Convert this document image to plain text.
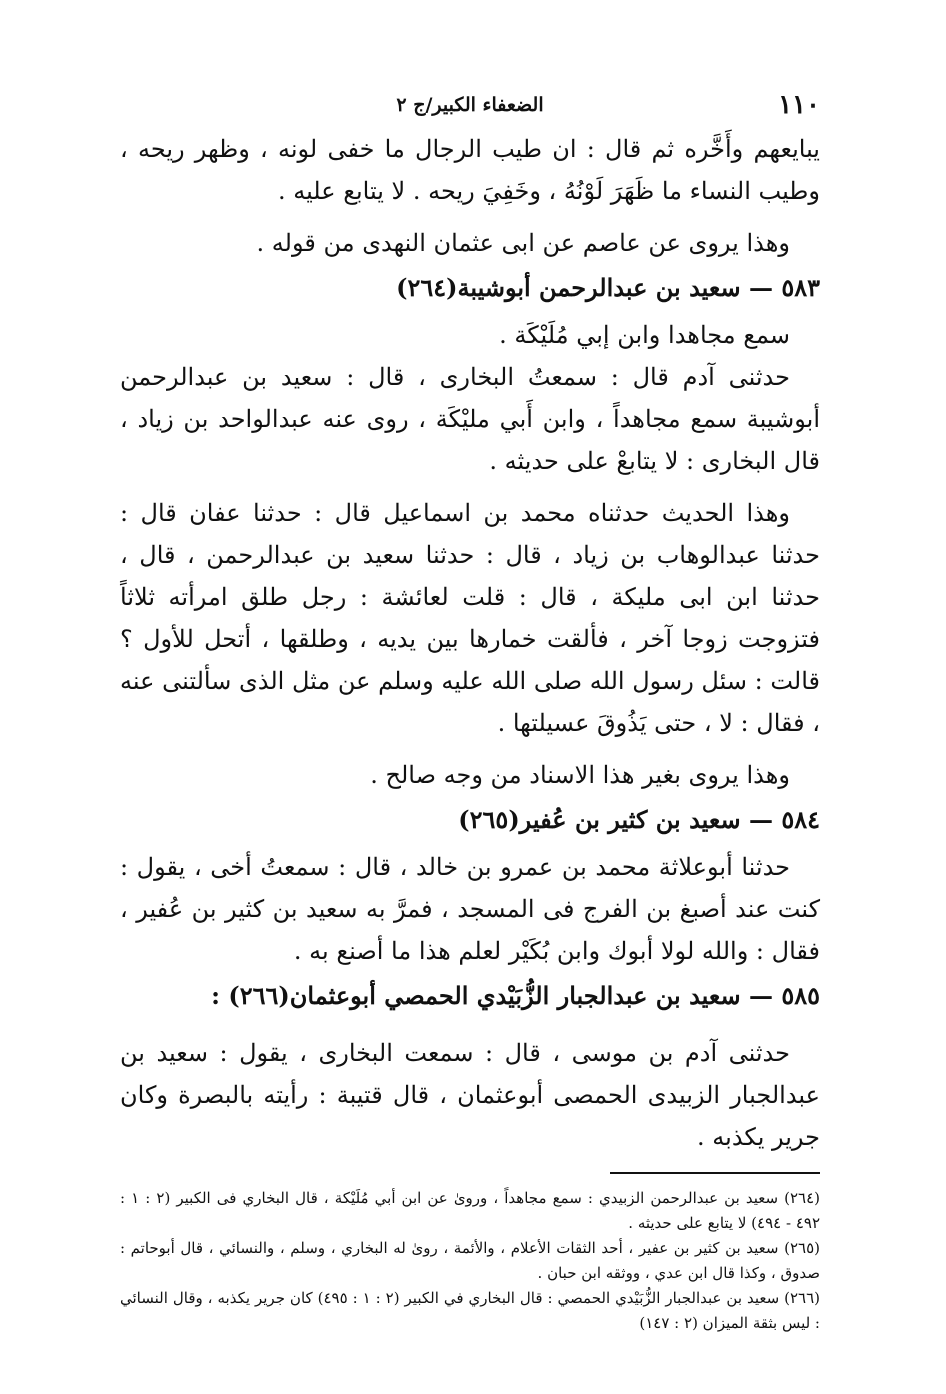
١١٠
الضعفاء الكبير/ج ٢

يبايعهم وأَخَّره ثم قال : ان طيب الرجال ما خفى لونه ، وظهر ريحه ، وطيب النساء ما ظَهَرَ لَوْنُهُ ، وخَفِيَ ريحه . لا يتابع عليه .

وهذا يروى عن عاصم عن ابى عثمان النهدى من قوله .

٥٨٣ — سعيد بن عبدالرحمن أبوشيبة(٢٦٤)

سمع مجاهدا وابن إبي مُلَيْكَة .

حدثنى آدم قال : سمعتُ البخارى ، قال : سعيد بن عبدالرحمن أبوشيبة سمع مجاهداً ، وابن أَبي مليْكَة ، روى عنه عبدالواحد بن زياد ، قال البخارى : لا يتابعْ على حديثه .

وهذا الحديث حدثناه محمد بن اسماعيل قال : حدثنا عفان قال : حدثنا عبدالوهاب بن زياد ، قال : حدثنا سعيد بن عبدالرحمن ، قال ، حدثنا ابن ابى مليكة ، قال : قلت لعائشة : رجل طلق امرأته ثلاثاً فتزوجت زوجا آخر ، فألقت خمارها بين يديه ، وطلقها ، أتحل للأول ؟ قالت : سئل رسول الله صلى الله عليه وسلم عن مثل الذى سألتنى عنه ، فقال : لا ، حتى يَذُوقَ عسيلتها .

وهذا يروى بغير هذا الاسناد من وجه صالح .

٥٨٤ — سعيد بن كثير بن عُفير(٢٦٥)

حدثنا أبوعلاثة محمد بن عمرو بن خالد ، قال : سمعتُ أخى ، يقول : كنت عند أصبغ بن الفرج فى المسجد ، فمرَّ به سعيد بن كثير بن عُفير ، فقال : والله لولا أبوك وابن بُكَيْر لعلم هذا ما أصنع به .

٥٨٥ — سعيد بن عبدالجبار الزُّبَيْدي الحمصي أبوعثمان(٢٦٦) :

حدثنى آدم بن موسى ، قال : سمعت البخارى ، يقول : سعيد بن عبدالجبار الزبيدى الحمصى أبوعثمان ، قال قتيبة : رأيته بالبصرة وكان جرير يكذبه .

(٢٦٤) سعيد بن عبدالرحمن الزبيدي : سمع مجاهداً ، وروىٰ عن ابن أبي مُلَيْكة ، قال البخاري فى الكبير (٢ : ١ : ٤٩٢ - ٤٩٤) لا يتابع على حديثه .

(٢٦٥) سعيد بن كثير بن عفير ، أحد الثقات الأعلام ، والأئمة ، روىٰ له البخاري ، وسلم ، والنسائي ، قال أبوحاتم : صدوق ، وكذا قال ابن عدي ، ووثقه ابن حبان .

(٢٦٦) سعيد بن عبدالجبار الزُّبَيْدي الحمصي : قال البخاري في الكبير (٢ : ١ : ٤٩٥) كان جرير يكذبه ، وقال النسائي : ليس بثقة الميزان (٢ : ١٤٧)
